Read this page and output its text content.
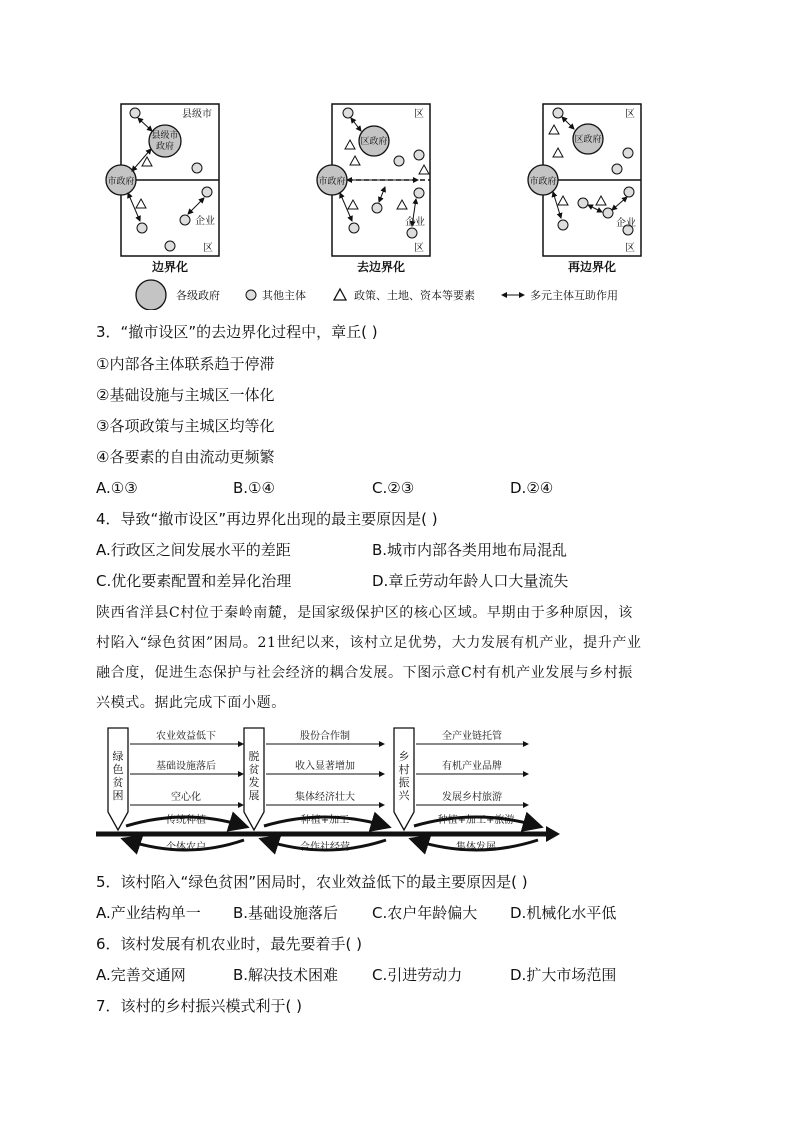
县级市
区
县级市
政府
市政府
企业
边界化
区
区
区政府
市政府
企业
去边界化
区
区
区政府
市政府
企业
再边界化
各级政府	其他主体	政策、土地、资本等要素	多元主体互助作用
3．“撤市设区”的去边界化过程中，章丘( )
①内部各主体联系趋于停滞
②基础设施与主城区一体化
③各项政策与主城区均等化
④各要素的自由流动更频繁
A.①③	B.①④	C.②③	D.②④
4．导致“撤市设区”再边界化出现的最主要原因是( )
A.行政区之间发展水平的差距	B.城市内部各类用地布局混乱
C.优化要素配置和差异化治理	D.章丘劳动年龄人口大量流失
陕西省洋县C村位于秦岭南麓，是国家级保护区的核心区域。早期由于多种原因，该
村陷入“绿色贫困”困局。21世纪以来，该村立足优势，大力发展有机产业，提升产业
融合度，促进生态保护与社会经济的耦合发展。下图示意C村有机产业发展与乡村振
兴模式。据此完成下面小题。
绿
色
贫
困
农业效益低下
基础设施落后
空心化
传统种植
个体农户
脱
贫
发
展
股份合作制
收入显著增加
集体经济壮大
种植+加工
合作社经营
乡
村
振
兴
全产业链托管
有机产业品牌
发展乡村旅游
种植+加工+旅游
集体发展
5．该村陷入“绿色贫困”困局时，农业效益低下的最主要原因是( )
A.产业结构单一 B.基础设施落后 C.农户年龄偏大 D.机械化水平低
6．该村发展有机农业时，最先要着手( )
A.完善交通网	B.解决技术困难 C.引进劳动力	D.扩大市场范围
7．该村的乡村振兴模式利于( )
